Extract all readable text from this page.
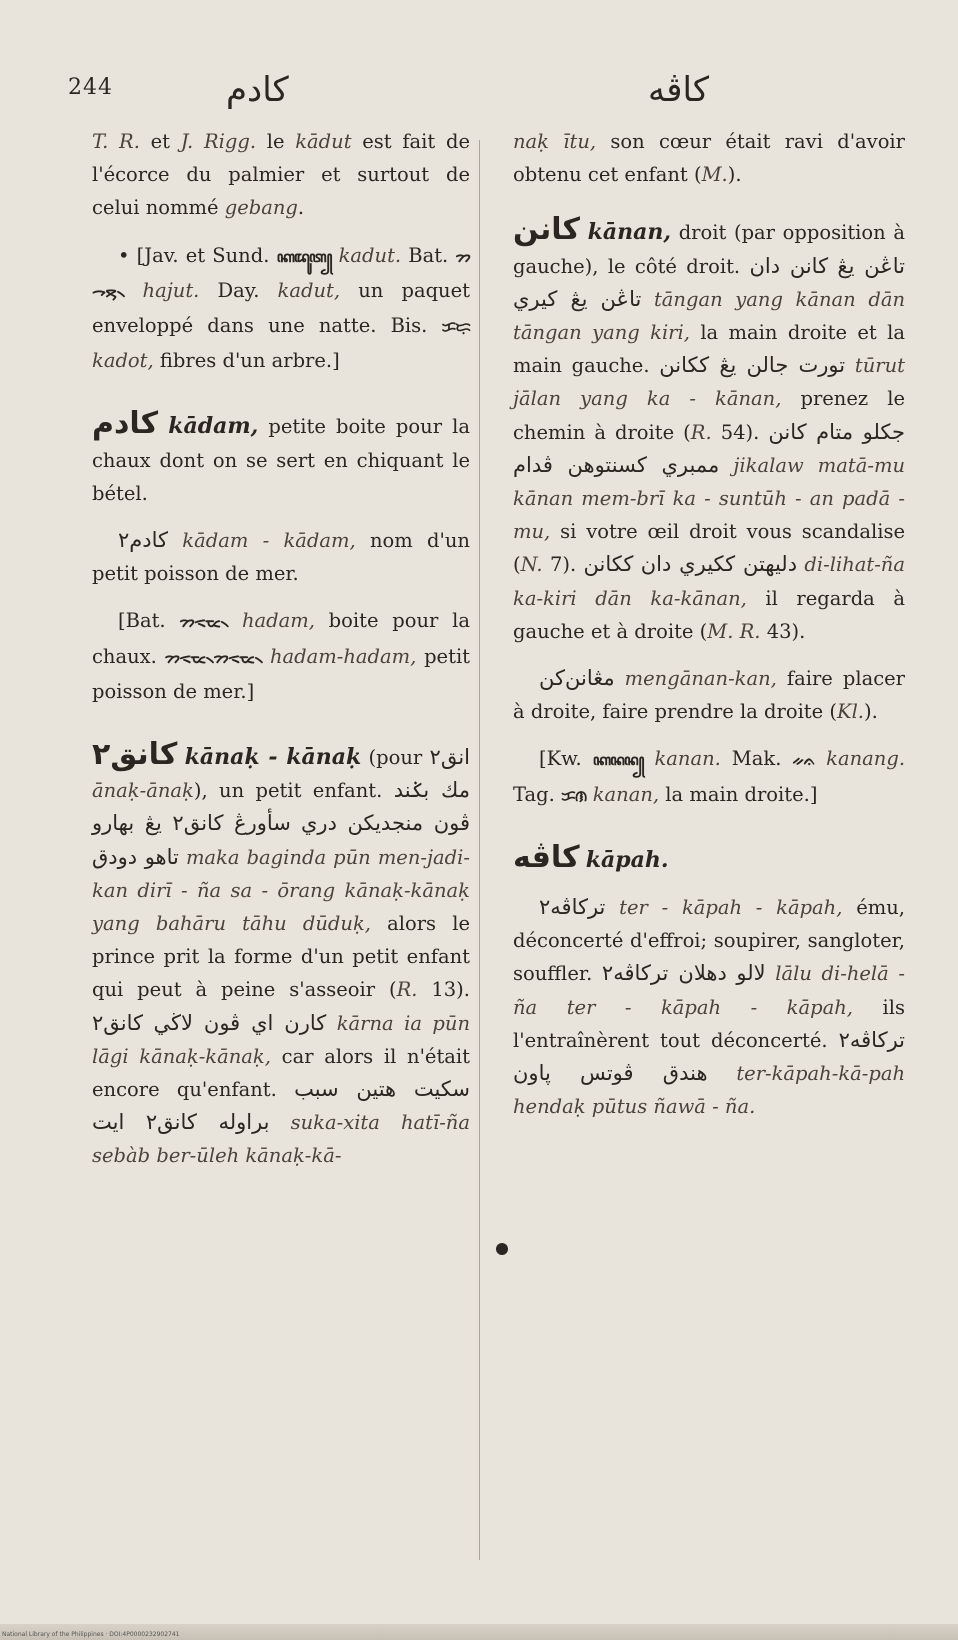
244	كادم	كاڤه

T. R. et J. Rigg. le kādut est fait de l'écorce du palmier et surtout de celui nommé gebang.

• [Jav. et Sund. ꦏꦢꦸꦠ꧀ kadut. Bat. ᯂᯎᯮᯖ᯲ hajut. Day. kadut, un paquet enveloppé dans une natte. Bis. ᜃᜇᜓ kadot, fibres d'un arbre.]

كادم kādam, petite boite pour la chaux dont on se sert en chiquant le bétel.

كادم٢ kādam - kādam, nom d'un petit poisson de mer.

[Bat. ᯂᯑᯔ᯲ hadam, boite pour la chaux. ᯂᯑᯔ᯲ᯂᯑᯔ᯲ hadam-hadam, petit poisson de mer.]

كانق٢ kānaḳ - kānaḳ (pour انق٢ ānaḳ-ānaḳ), un petit enfant. مك بݢند ڤون منجديكن دري سأورڠ كانق٢ يڠ بهارو تاهو دودق maka baginda pūn men-jadi-kan dirī - ña sa - ōrang kānaḳ-kānaḳ yang bahāru tāhu dūduḳ, alors le prince prit la forme d'un petit enfant qui peut à peine s'asseoir (R. 13). كارن اي ڤون لاڬي كانق٢	kārna ia pūn lāgi kānaḳ-kānaḳ, car alors il n'était encore qu'enfant. سكيت هتين سبب براوله كانق٢ ايت suka-xita hatī-ña sebàb ber-ūleh kānaḳ-kā-

naḳ ītu, son cœur était ravi d'avoir obtenu cet enfant (M.).

كانن kānan, droit (par opposition à gauche), le côté droit.	تاڠن يڠ كانن دان تاڠن يڠ كيري tāngan yang kānan dān tāngan yang kiri, la main droite et la main gauche. تورت جالن يڠ ككانن tūrut jālan yang ka - kānan, prenez le chemin à droite (R. 54). جكلو متام كانن ممبري كسنتوهن ڤدام jikalaw matā-mu kānan mem-brī ka - suntūh - an padā - mu, si votre œil droit vous scandalise (N. 7).	دليهتن ككيري دان ككانن	di-lihat-ña ka-kiri dān ka-kānan, il regarda à gauche et à droite (M. R. 43).

مڠانن‌كن mengānan-kan, faire placer à droite, faire prendre la droite (Kl.).

[Kw. ꦏꦤꦤ꧀ kanan. Mak. ᨀᨊ kanang. Tag. ᜃᜈ kanan, la main droite.]

كاڤه kāpah.

ترکاڤه٢ ter - kāpah - kāpah, ému, déconcerté d'effroi; soupirer, sangloter, souffler.	لالو دهلان ترکاڤه٢ lālu di-helā - ña ter - kāpah - kāpah, ils l'entraînèrent tout déconcerté. ترکاڤه٢ هندق ڤوتس ڽاون ter-kāpah-kā-pah hendaḳ pūtus ñawā - ña.

National Library of the Philippines · DOI:4P0000232902741
